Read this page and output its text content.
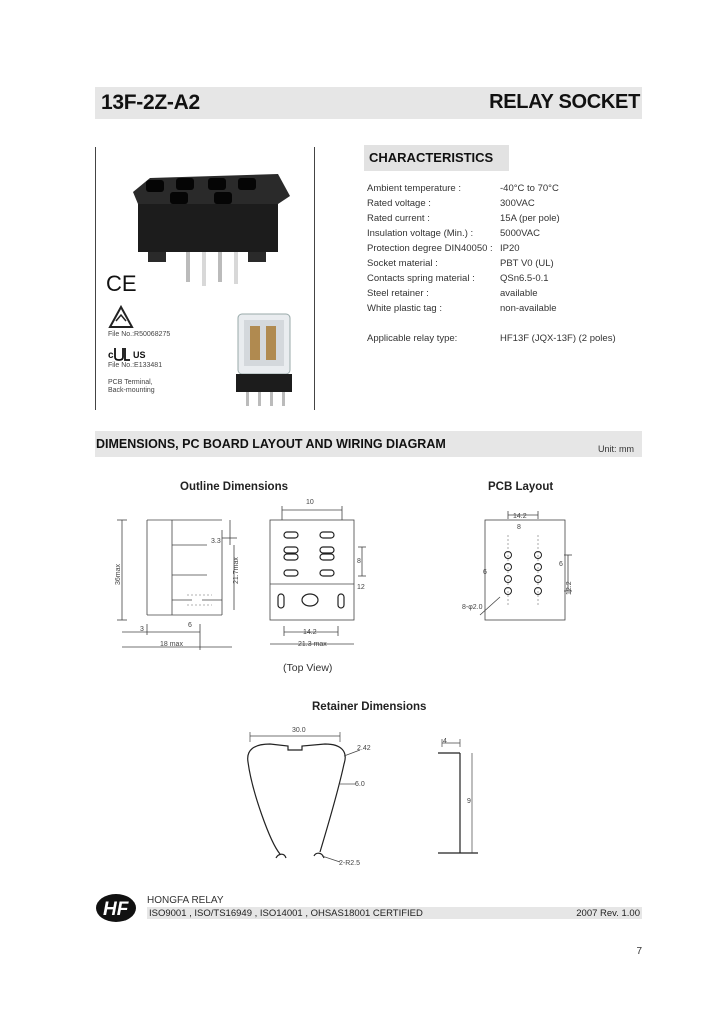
13F-2Z-A2	RELAY SOCKET
CE
File No.:R50068275
c US
File No.:E133481
PCB Terminal,
Back-mounting
CHARACTERISTICS
Ambient temperature :	-40°C to 70°C
Rated voltage :	300VAC
Rated current :	15A (per pole)
Insulation voltage (Min.) :	5000VAC
Protection degree DIN40050 : IP20
Socket material :	PBT V0 (UL)
Contacts spring material :	QSn6.5-0.1
Steel retainer :	available
White plastic tag :	non-available
Applicable relay type:	HF13F (JQX-13F) (2 poles)
DIMENSIONS, PC BOARD LAYOUT AND WIRING DIAGRAM	Unit: mm
Outline Dimensions	PCB Layout
3.3
36max	21.7max
3
6
18 max
10
8
12
14.2
21.3 max
(Top View)
14.2
8
6
6
12.2
8-φ2.0
Retainer Dimensions
30.0
2.42
6.0
2-R2.5
4
9
HF HONGFA RELAY
ISO9001 , ISO/TS16949 , ISO14001 , OHSAS18001 CERTIFIED	2007 Rev. 1.00
7
